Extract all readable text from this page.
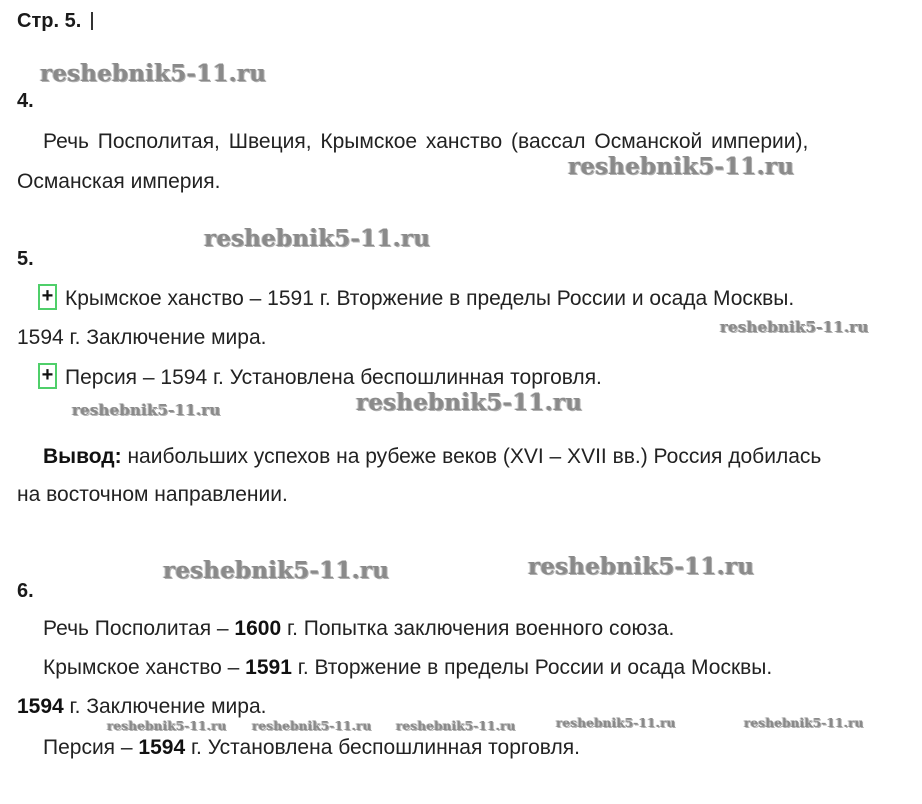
Стр. 5.
reshebnik5-11.ru
reshebnik5-11.ru
reshebnik5-11.ru
reshebnik5-11.ru
reshebnik5-11.ru	reshebnik5-11.ru
reshebnik5-11.ru	reshebnik5-11.ru
reshebnik5-11.ru reshebnik5-11.ru reshebnik5-11.ru	reshebnik5-11.ru	reshebnik5-11.ru
4.
Речь Посполитая, Швеция, Крымское ханство (вассал Османской империи),
Османская империя.
5.
+ Крымское ханство – 1591 г. Вторжение в пределы России и осада Москвы.
1594 г. Заключение мира.
+ Персия – 1594 г. Установлена беспошлинная торговля.
Вывод: наибольших успехов на рубеже веков (XVI – XVII вв.) Россия добилась
на восточном направлении.
6.
Речь Посполитая – 1600 г. Попытка заключения военного союза.
Крымское ханство – 1591 г. Вторжение в пределы России и осада Москвы.
1594 г. Заключение мира.
Персия – 1594 г. Установлена беспошлинная торговля.
